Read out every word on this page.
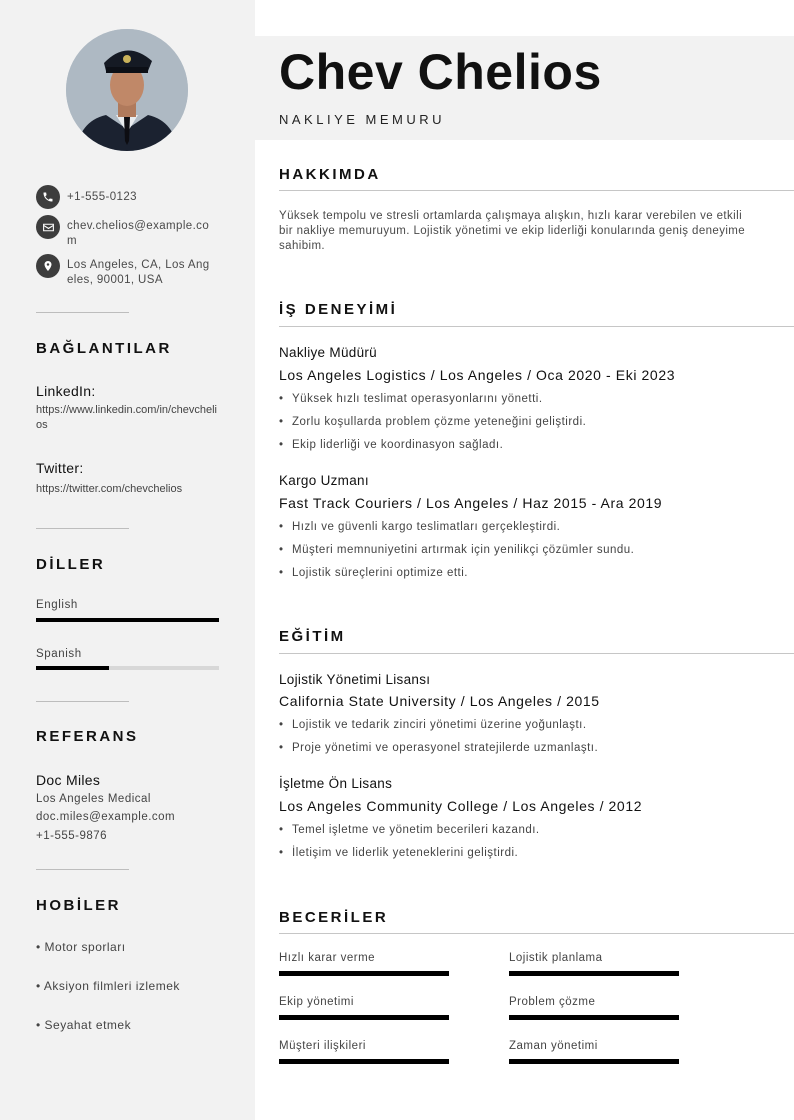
+1-555-0123
chev.chelios@example.com
Los Angeles, CA, Los Angeles, 90001, USA
BAĞLANTILAR
LinkedIn:
https://www.linkedin.com/in/chevchelios
Twitter:
https://twitter.com/chevchelios
DİLLER
English
Spanish
REFERANS
Doc Miles
Los Angeles Medical
doc.miles@example.com
+1-555-9876
HOBİLER
• Motor sporları
• Aksiyon filmleri izlemek
• Seyahat etmek
Chev Chelios
NAKLIYE MEMURU
HAKKIMDA
Yüksek tempolu ve stresli ortamlarda çalışmaya alışkın, hızlı karar verebilen ve etkili bir nakliye memuruyum. Lojistik yönetimi ve ekip liderliği konularında geniş deneyime sahibim.
İŞ DENEYİMİ
Nakliye Müdürü
Los Angeles Logistics / Los Angeles / Oca 2020 - Eki 2023
• Yüksek hızlı teslimat operasyonlarını yönetti.
• Zorlu koşullarda problem çözme yeteneğini geliştirdi.
• Ekip liderliği ve koordinasyon sağladı.
Kargo Uzmanı
Fast Track Couriers / Los Angeles / Haz 2015 - Ara 2019
• Hızlı ve güvenli kargo teslimatları gerçekleştirdi.
• Müşteri memnuniyetini artırmak için yenilikçi çözümler sundu.
• Lojistik süreçlerini optimize etti.
EĞİTİM
Lojistik Yönetimi Lisansı
California State University / Los Angeles / 2015
• Lojistik ve tedarik zinciri yönetimi üzerine yoğunlaştı.
• Proje yönetimi ve operasyonel stratejilerde uzmanlaştı.
İşletme Ön Lisans
Los Angeles Community College / Los Angeles / 2012
• Temel işletme ve yönetim becerileri kazandı.
• İletişim ve liderlik yeteneklerini geliştirdi.
BECERİLER
Hızlı karar verme	Lojistik planlama
Ekip yönetimi	Problem çözme
Müşteri ilişkileri	Zaman yönetimi
